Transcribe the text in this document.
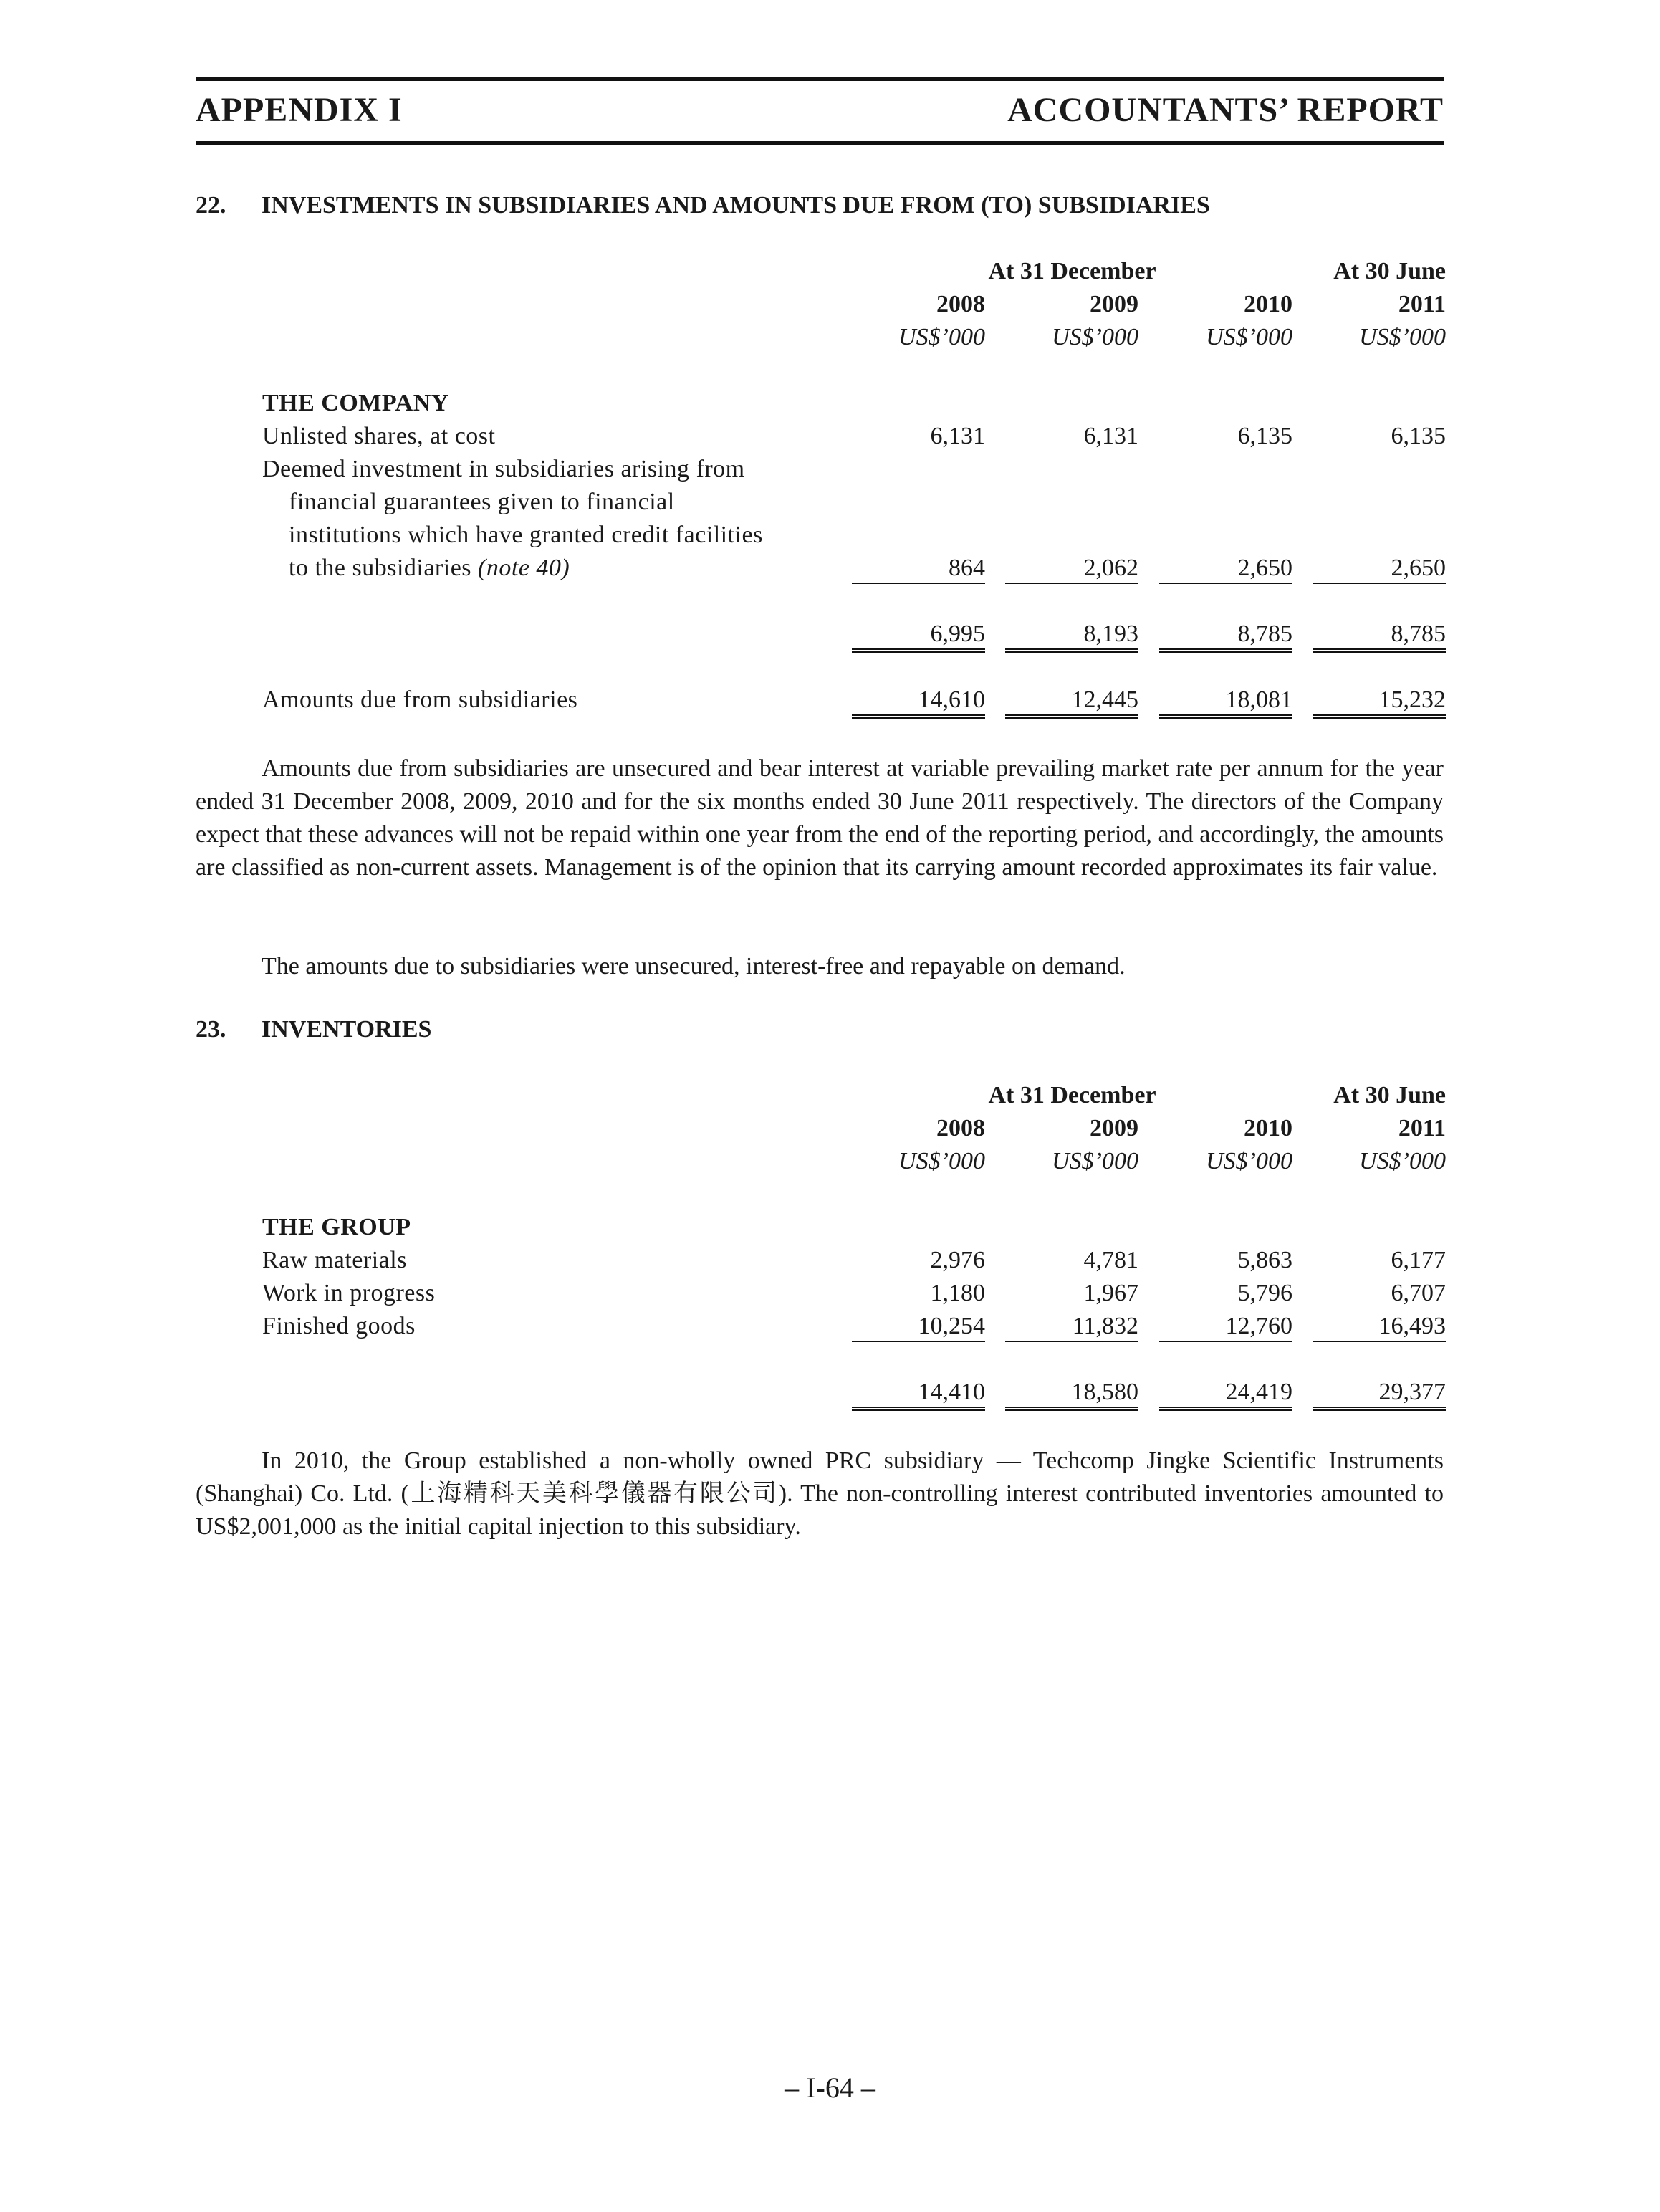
APPENDIX I	ACCOUNTANTS’ REPORT
22. INVESTMENTS IN SUBSIDIARIES AND AMOUNTS DUE FROM (TO) SUBSIDIARIES
At 31 December	At 30 June
2008	2009	2010	2011
US$’000	US$’000	US$’000	US$’000
THE COMPANY
Unlisted shares, at cost	6,131	6,131	6,135	6,135
Deemed investment in subsidiaries arising from
financial guarantees given to financial
institutions which have granted credit facilities
to the subsidiaries (note 40)	864	2,062	2,650	2,650
6,995	8,193	8,785	8,785
Amounts due from subsidiaries	14,610	12,445	18,081	15,232
Amounts due from subsidiaries are unsecured and bear interest at variable prevailing market rate per annum for the year ended 31 December 2008, 2009, 2010 and for the six months ended 30 June 2011 respectively. The directors of the Company expect that these advances will not be repaid within one year from the end of the reporting period, and accordingly, the amounts are classified as non-current assets. Management is of the opinion that its carrying amount recorded approximates its fair value.
The amounts due to subsidiaries were unsecured, interest-free and repayable on demand.
23. INVENTORIES
At 31 December	At 30 June
2008	2009	2010	2011
US$’000	US$’000	US$’000	US$’000
THE GROUP
Raw materials	2,976	4,781	5,863	6,177
Work in progress	1,180	1,967	5,796	6,707
Finished goods	10,254	11,832	12,760	16,493
14,410	18,580	24,419	29,377
In 2010, the Group established a non-wholly owned PRC subsidiary — Techcomp Jingke Scientific Instruments (Shanghai) Co. Ltd. (上海精科天美科學儀器有限公司). The non-controlling interest contributed inventories amounted to US$2,001,000 as the initial capital injection to this subsidiary.
– I-64 –
